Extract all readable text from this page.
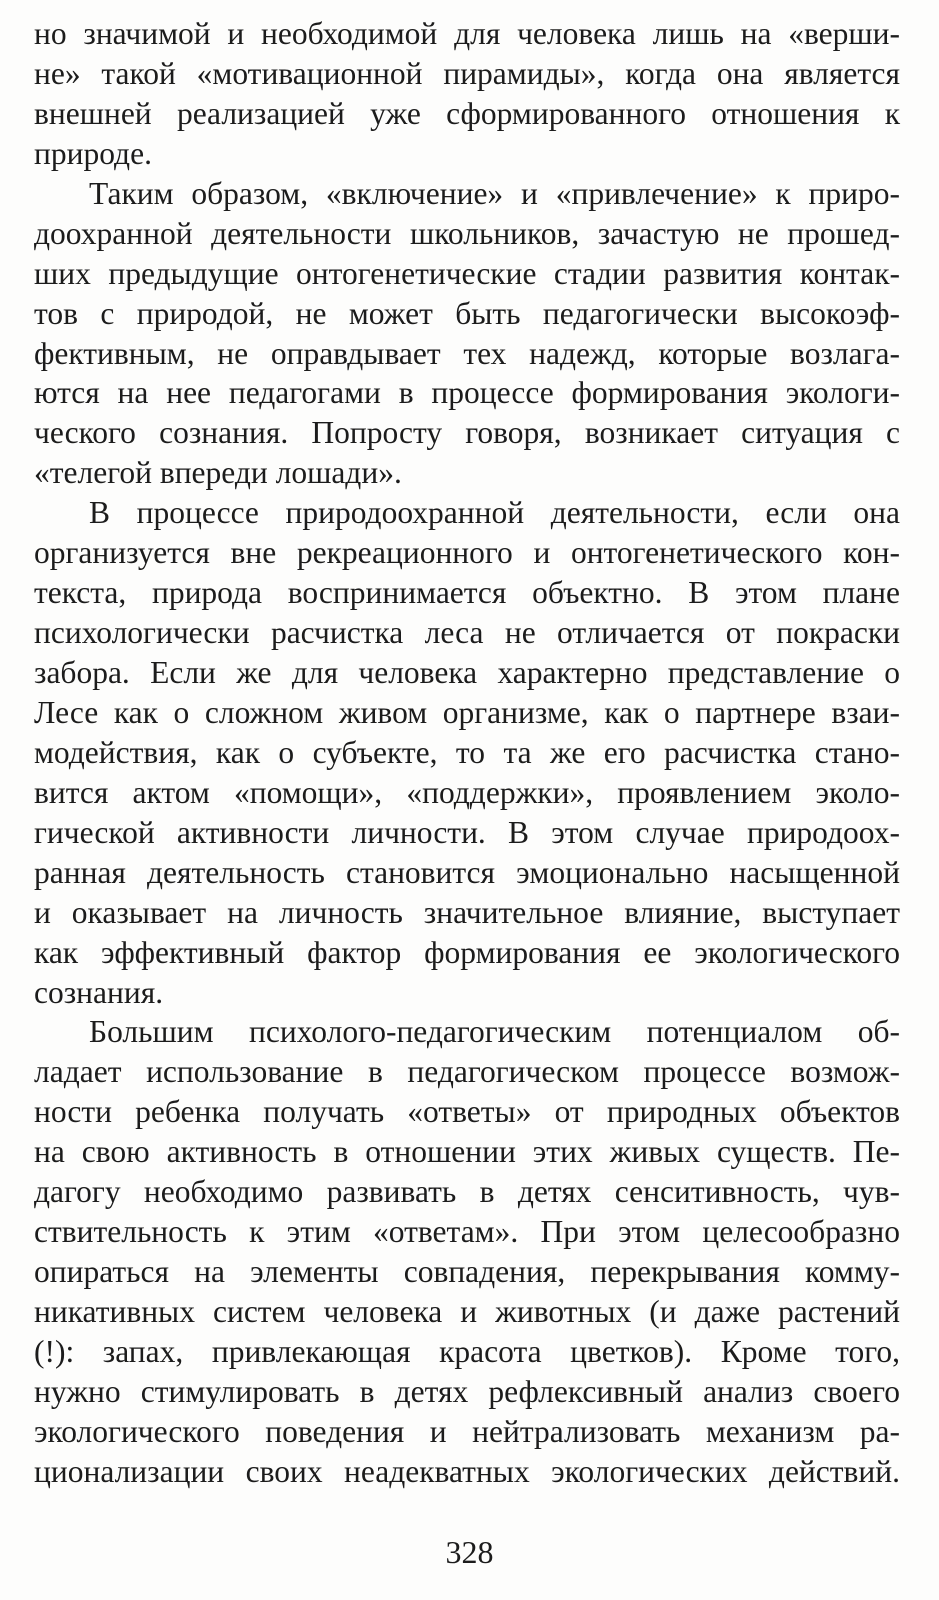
но значимой и необходимой для человека лишь на «верши-
не» такой «мотивационной пирамиды», когда она является
внешней реализацией уже сформированного отношения к
природе.
Таким образом, «включение» и «привлечение» к приро-
доохранной деятельности школьников, зачастую не прошед-
ших предыдущие онтогенетические стадии развития контак-
тов с природой, не может быть педагогически высокоэф-
фективным, не оправдывает тех надежд, которые возлага-
ются на нее педагогами в процессе формирования экологи-
ческого сознания. Попросту говоря, возникает ситуация с
«телегой впереди лошади».
В процессе природоохранной деятельности, если она
организуется вне рекреационного и онтогенетического кон-
текста, природа воспринимается объектно. В этом плане
психологически расчистка леса не отличается от покраски
забора. Если же для человека характерно представление о
Лесе как о сложном живом организме, как о партнере взаи-
модействия, как о субъекте, то та же его расчистка стано-
вится актом «помощи», «поддержки», проявлением эколо-
гической активности личности. В этом случае природоох-
ранная деятельность становится эмоционально насыщенной
и оказывает на личность значительное влияние, выступает
как эффективный фактор формирования ее экологического
сознания.
Большим психолого-педагогическим потенциалом об-
ладает использование в педагогическом процессе возмож-
ности ребенка получать «ответы» от природных объектов
на свою активность в отношении этих живых существ. Пе-
дагогу необходимо развивать в детях сенситивность, чув-
ствительность к этим «ответам». При этом целесообразно
опираться на элементы совпадения, перекрывания комму-
никативных систем человека и животных (и даже растений
(!): запах, привлекающая красота цветков). Кроме того,
нужно стимулировать в детях рефлексивный анализ своего
экологического поведения и нейтрализовать механизм ра-
ционализации своих неадекватных экологических действий.
328
